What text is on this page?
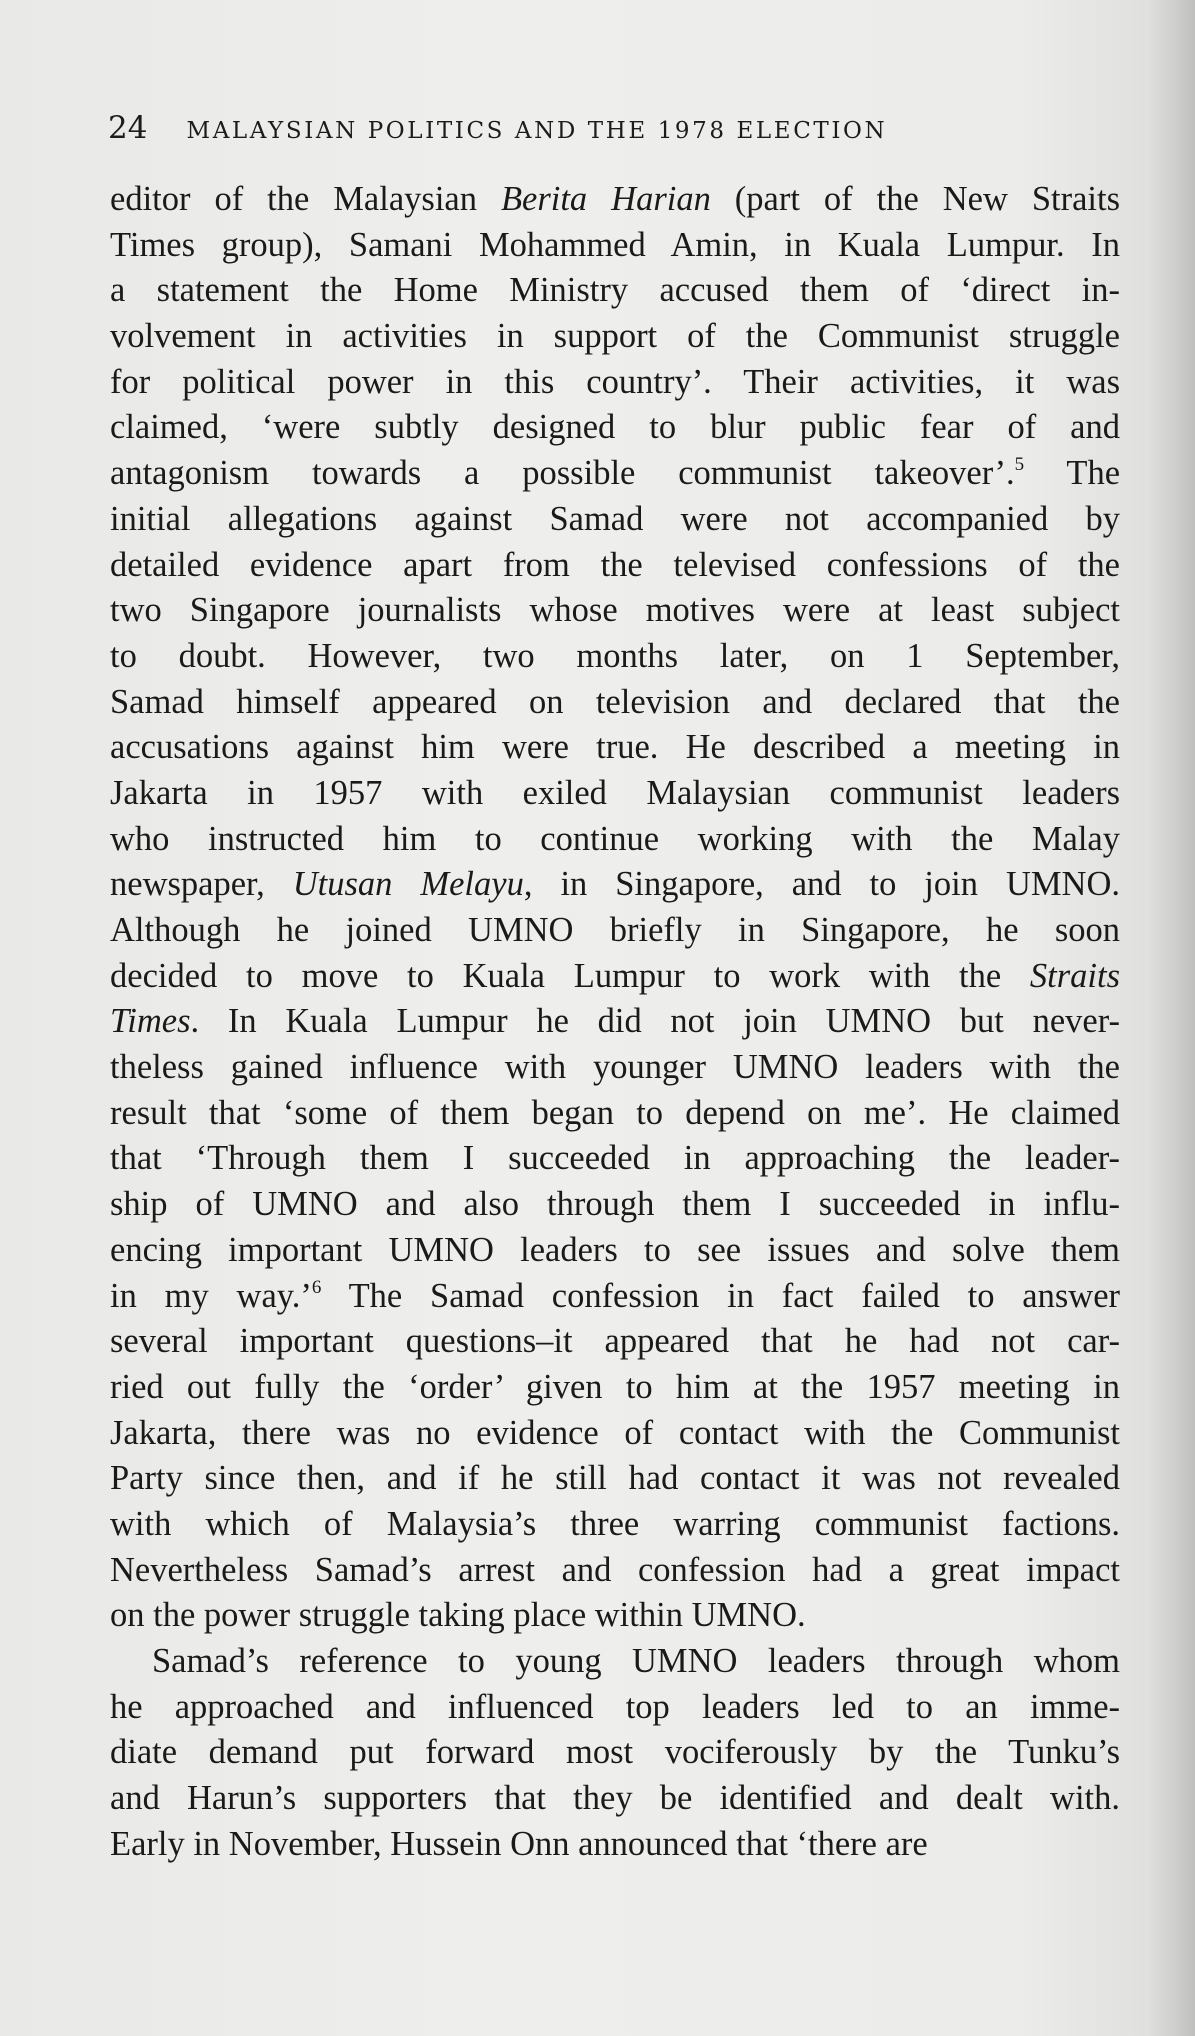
24 MALAYSIAN POLITICS AND THE 1978 ELECTION
editor of the Malaysian Berita Harian (part of the New Straits
Times group), Samani Mohammed Amin, in Kuala Lumpur. In
a statement the Home Ministry accused them of ‘direct in-
volvement in activities in support of the Communist struggle
for political power in this country’. Their activities, it was
claimed, ‘were subtly designed to blur public fear of and
antagonism towards a possible communist takeover’.$^5$ The
initial allegations against Samad were not accompanied by
detailed evidence apart from the televised confessions of the
two Singapore journalists whose motives were at least subject
to doubt. However, two months later, on 1 September,
Samad himself appeared on television and declared that the
accusations against him were true. He described a meeting in
Jakarta in 1957 with exiled Malaysian communist leaders
who instructed him to continue working with the Malay
newspaper, Utusan Melayu, in Singapore, and to join UMNO.
Although he joined UMNO briefly in Singapore, he soon
decided to move to Kuala Lumpur to work with the Straits
Times. In Kuala Lumpur he did not join UMNO but never-
theless gained influence with younger UMNO leaders with the
result that ‘some of them began to depend on me’. He claimed
that ‘Through them I succeeded in approaching the leader-
ship of UMNO and also through them I succeeded in influ-
encing important UMNO leaders to see issues and solve them
in my way.’$^6$ The Samad confession in fact failed to answer
several important questions–it appeared that he had not car-
ried out fully the ‘order’ given to him at the 1957 meeting in
Jakarta, there was no evidence of contact with the Communist
Party since then, and if he still had contact it was not revealed
with which of Malaysia’s three warring communist factions.
Nevertheless Samad’s arrest and confession had a great impact
on the power struggle taking place within UMNO.
Samad’s reference to young UMNO leaders through whom
he approached and influenced top leaders led to an imme-
diate demand put forward most vociferously by the Tunku’s
and Harun’s supporters that they be identified and dealt with.
Early in November, Hussein Onn announced that ‘there are
